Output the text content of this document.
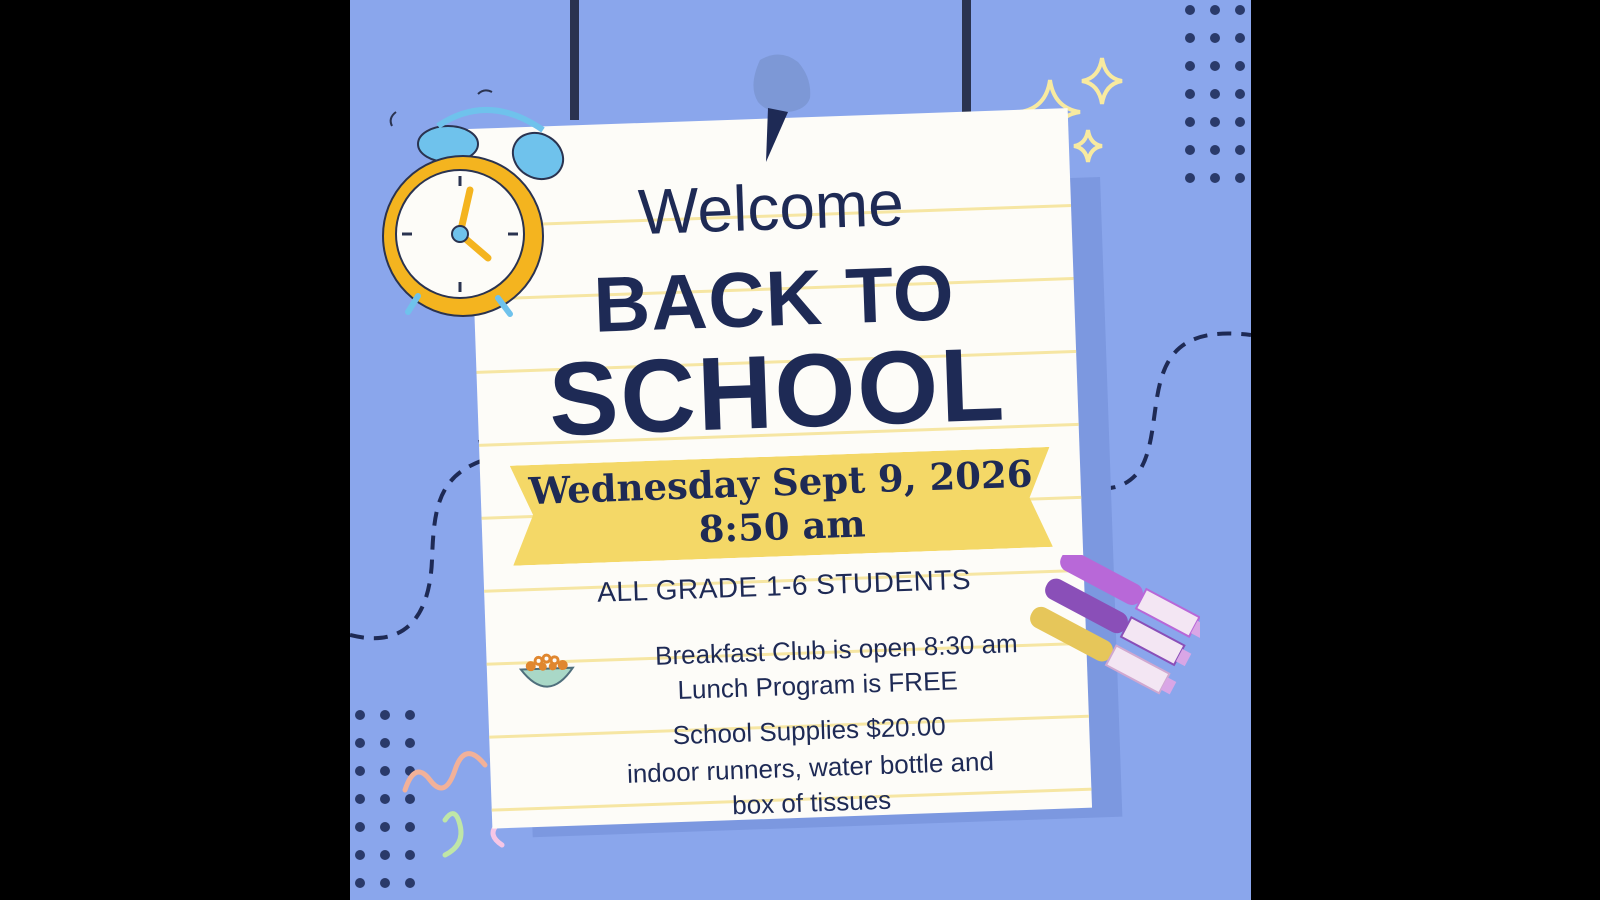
Welcome
BACK TO
SCHOOL
Wednesday Sept 9, 2026
8:50 am
ALL GRADE 1-6 STUDENTS
Breakfast Club is open 8:30 am
Lunch Program is FREE
School Supplies $20.00
indoor runners, water bottle and
box of tissues
